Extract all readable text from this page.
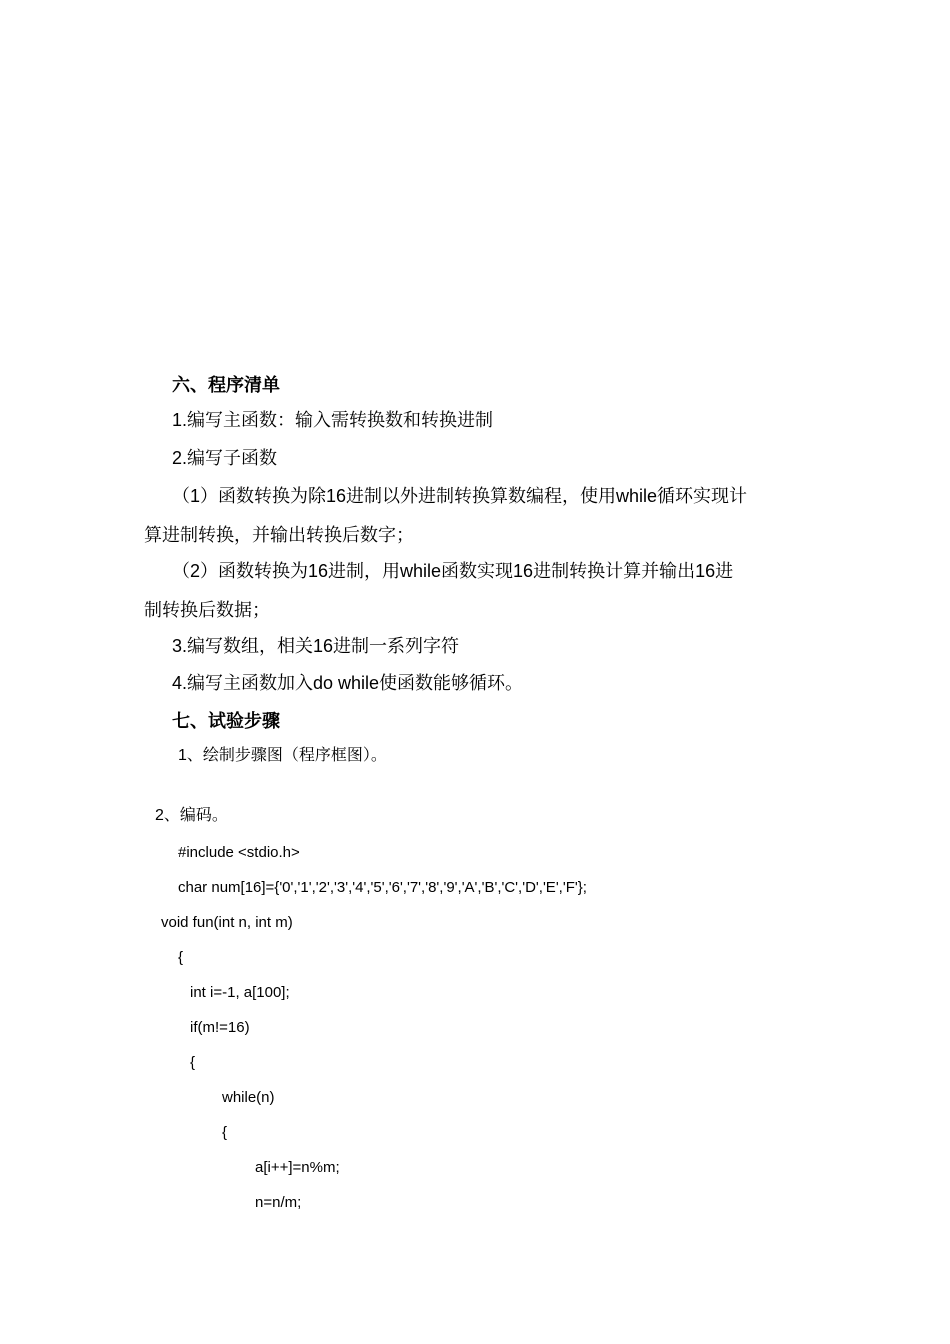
六、程序清单
1.编写主函数：输入需转换数和转换进制
2.编写子函数
（1）函数转换为除16进制以外进制转换算数编程，使用while循环实现计
算进制转换，并输出转换后数字；
（2）函数转换为16进制，用while函数实现16进制转换计算并输出16进
制转换后数据；
3.编写数组，相关16进制一系列字符
4.编写主函数加入do while使函数能够循环。
七、试验步骤
1、绘制步骤图（程序框图）。
2、编码。
#include <stdio.h>
char num[16]={'0','1','2','3','4','5','6','7','8','9','A','B','C','D','E','F'};
void fun(int n, int m)
{
int i=-1, a[100];
if(m!=16)
{
while(n)
{
a[i++]=n%m;
n=n/m;
